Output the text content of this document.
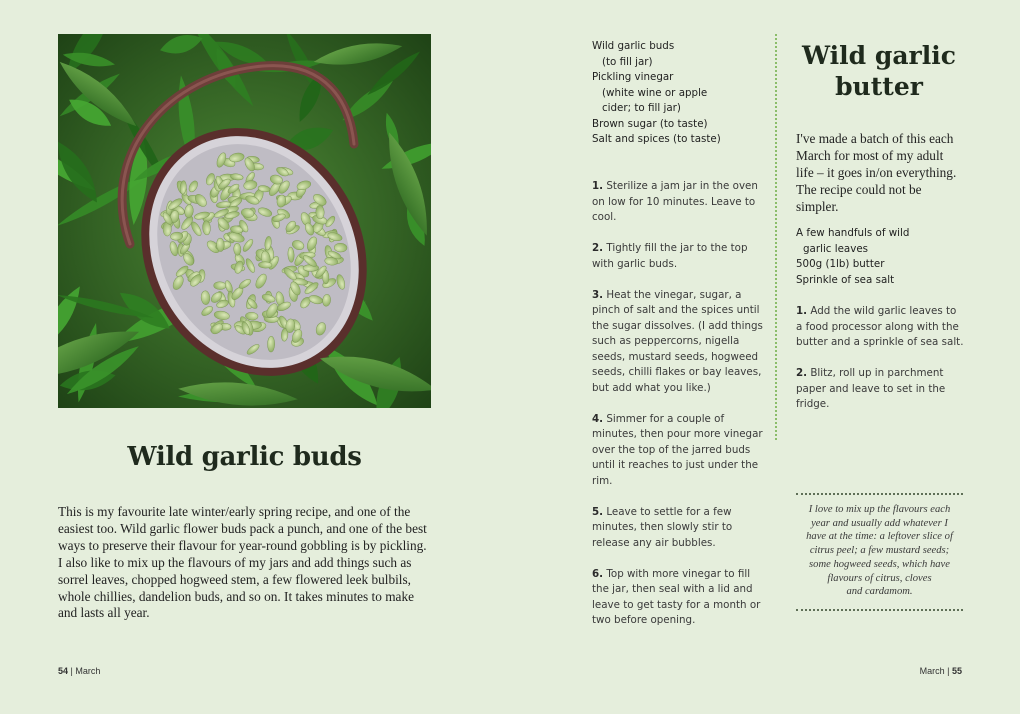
Wild garlic buds

This is my favourite late winter/early spring recipe, and one of the easiest too. Wild garlic flower buds pack a punch, and one of the best ways to preserve their flavour for year-round gobbling is by pickling. I also like to mix up the flavours of my jars and add things such as sorrel leaves, chopped hogweed stem, a few flowered leek bulbils, whole chillies, dandelion buds, and so on. It takes minutes to make and lasts all year.

54 | March
Wild garlic buds
(to fill jar)
Pickling vinegar
(white wine or apple
cider; to fill jar)
Brown sugar (to taste)
Salt and spices (to taste)

1. Sterilize a jam jar in the oven on low for 10 minutes. Leave to cool.

2. Tightly fill the jar to the top with garlic buds.

3. Heat the vinegar, sugar, a pinch of salt and the spices until the sugar dissolves. (I add things such as peppercorns, nigella seeds, mustard seeds, hogweed seeds, chilli flakes or bay leaves, but add what you like.)

4. Simmer for a couple of minutes, then pour more vinegar over the top of the jarred buds until it reaches to just under the rim.

5. Leave to settle for a few minutes, then slowly stir to release any air bubbles.

6. Top with more vinegar to fill the jar, then seal with a lid and leave to get tasty for a month or two before opening.

Wild garlic
butter

I've made a batch of this each March for most of my adult life – it goes in/on everything. The recipe could not be simpler.

A few handfuls of wild
garlic leaves
500g (1lb) butter
Sprinkle of sea salt

1. Add the wild garlic leaves to a food processor along with the butter and a sprinkle of sea salt.

2. Blitz, roll up in parchment paper and leave to set in the fridge.

I love to mix up the flavours each
year and usually add whatever I
have at the time: a leftover slice of
citrus peel; a few mustard seeds;
some hogweed seeds, which have
flavours of citrus, cloves
and cardamom.
March | 55
